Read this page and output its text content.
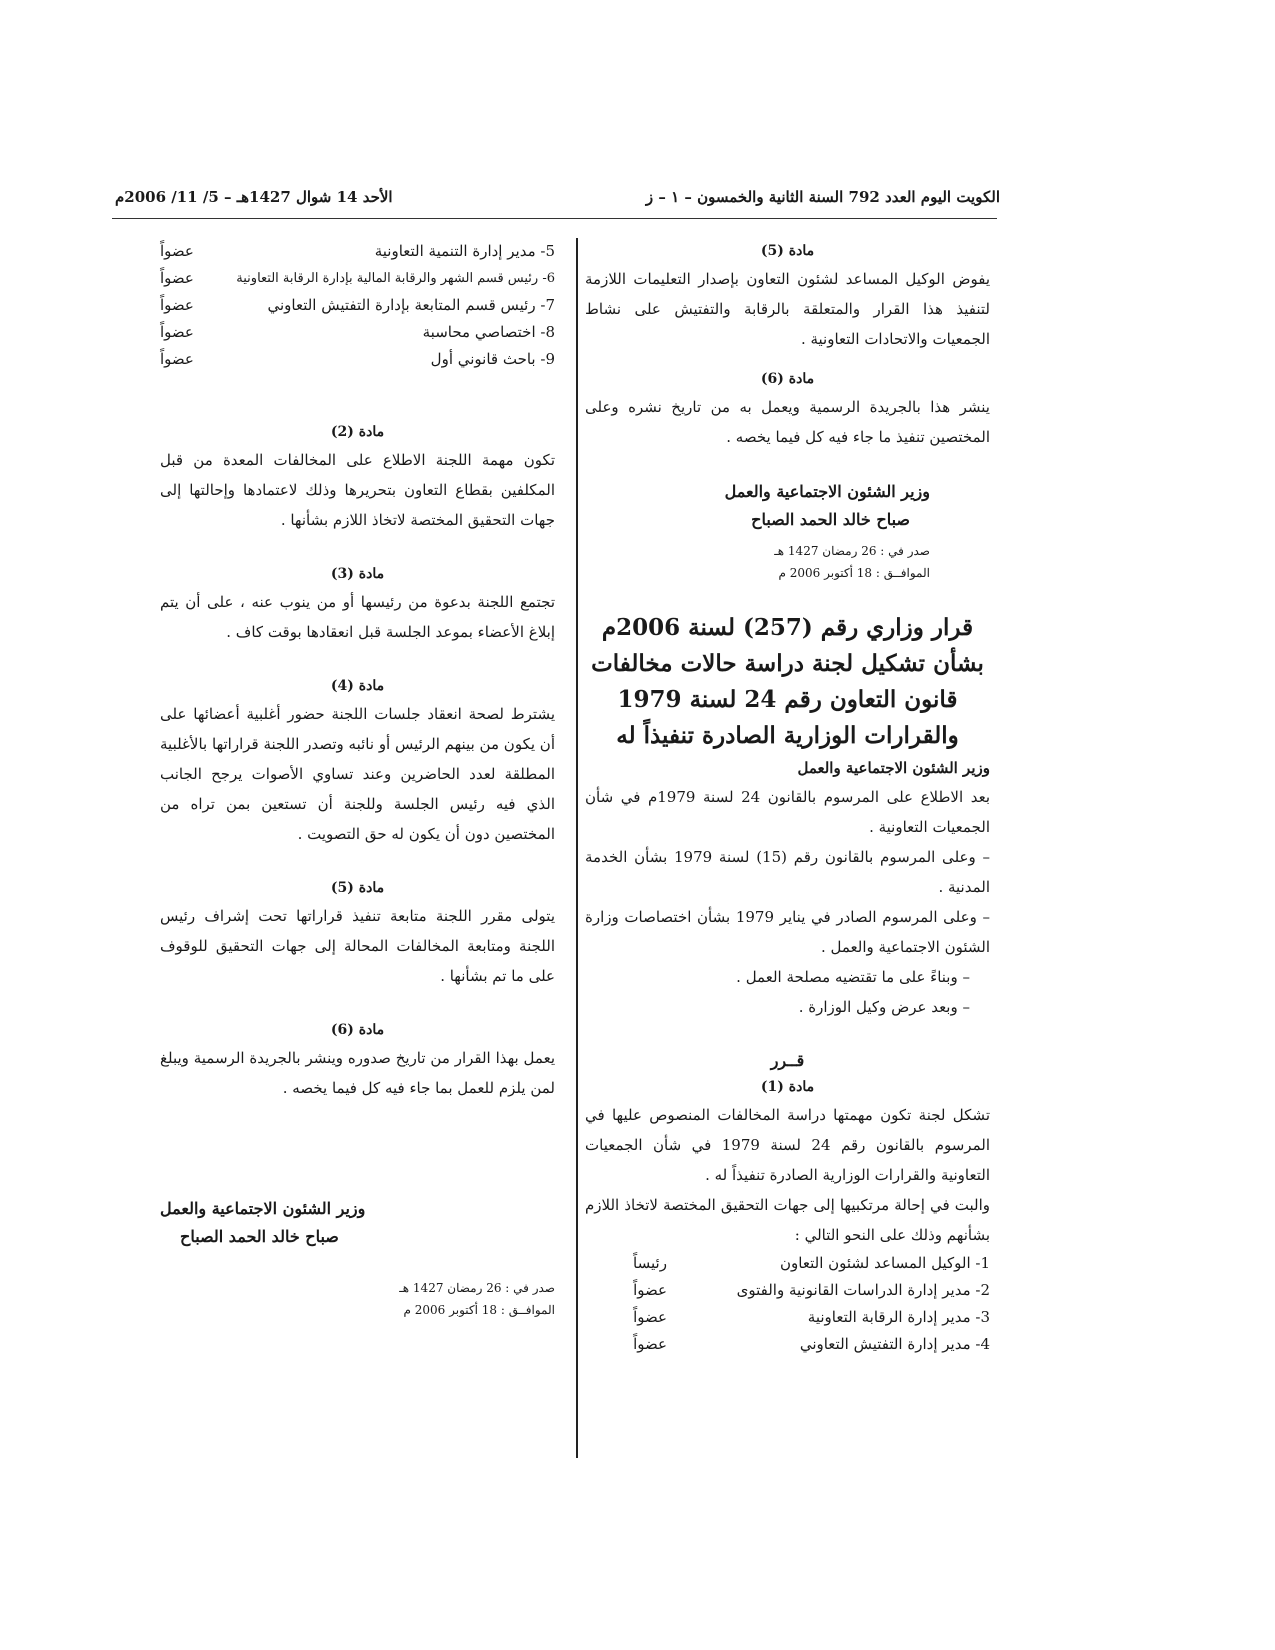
الكويت اليوم العدد 792 السنة الثانية والخمسون – ١ – ز
الأحد 14 شوال 1427هـ – 5/ 11/ 2006م

مادة (5)

يفوض الوكيل المساعد لشئون التعاون بإصدار التعليمات اللازمة لتنفيذ هذا القرار والمتعلقة بالرقابة والتفتيش على نشاط الجمعيات والاتحادات التعاونية .

مادة (6)

ينشر هذا بالجريدة الرسمية ويعمل به من تاريخ نشره وعلى المختصين تنفيذ ما جاء فيه كل فيما يخصه .

وزير الشئون الاجتماعية والعمل

صباح خالد الحمد الصباح

صدر في : 26 رمضان 1427 هـ

الموافــق : 18 أكتوبر 2006 م

قرار وزاري رقم (257) لسنة 2006م بشأن تشكيل لجنة دراسة حالات مخالفات قانون التعاون رقم 24 لسنة 1979 والقرارات الوزارية الصادرة تنفيذاً له

وزير الشئون الاجتماعية والعمل

بعد الاطلاع على المرسوم بالقانون 24 لسنة 1979م في شأن الجمعيات التعاونية .

– وعلى المرسوم بالقانون رقم (15) لسنة 1979 بشأن الخدمة المدنية .

– وعلى المرسوم الصادر في يناير 1979 بشأن اختصاصات وزارة الشئون الاجتماعية والعمل .

– وبناءً على ما تقتضيه مصلحة العمل .

– وبعد عرض وكيل الوزارة .

قــرر

مادة (1)

تشكل لجنة تكون مهمتها دراسة المخالفات المنصوص عليها في المرسوم بالقانون رقم 24 لسنة 1979 في شأن الجمعيات التعاونية والقرارات الوزارية الصادرة تنفيذاً له .

والبت في إحالة مرتكبيها إلى جهات التحقيق المختصة لاتخاذ اللازم بشأنهم وذلك على النحو التالي :

1- الوكيل المساعد لشئون التعاون
رئيساً
2- مدير إدارة الدراسات القانونية والفتوى
عضواً
3- مدير إدارة الرقابة التعاونية
عضواً
4- مدير إدارة التفتيش التعاوني
عضواً
5- مدير إدارة التنمية التعاونية
عضواً
6- رئيس قسم الشهر والرقابة المالية بإدارة الرقابة التعاونية
عضواً
7- رئيس قسم المتابعة بإدارة التفتيش التعاوني
عضواً
8- اختصاصي محاسبة
عضواً
9- باحث قانوني أول
عضواً

مادة (2)

تكون مهمة اللجنة الاطلاع على المخالفات المعدة من قبل المكلفين بقطاع التعاون بتحريرها وذلك لاعتمادها وإحالتها إلى جهات التحقيق المختصة لاتخاذ اللازم بشأنها .

مادة (3)

تجتمع اللجنة بدعوة من رئيسها أو من ينوب عنه ، على أن يتم إبلاغ الأعضاء بموعد الجلسة قبل انعقادها بوقت كاف .

مادة (4)

يشترط لصحة انعقاد جلسات اللجنة حضور أغلبية أعضائها على أن يكون من بينهم الرئيس أو نائبه وتصدر اللجنة قراراتها بالأغلبية المطلقة لعدد الحاضرين وعند تساوي الأصوات يرجح الجانب الذي فيه رئيس الجلسة وللجنة أن تستعين بمن تراه من المختصين دون أن يكون له حق التصويت .

مادة (5)

يتولى مقرر اللجنة متابعة تنفيذ قراراتها تحت إشراف رئيس اللجنة ومتابعة المخالفات المحالة إلى جهات التحقيق للوقوف على ما تم بشأنها .

مادة (6)

يعمل بهذا القرار من تاريخ صدوره وينشر بالجريدة الرسمية ويبلغ لمن يلزم للعمل بما جاء فيه كل فيما يخصه .

وزير الشئون الاجتماعية والعمل

صباح خالد الحمد الصباح

صدر في : 26 رمضان 1427 هـ

الموافــق : 18 أكتوبر 2006 م
